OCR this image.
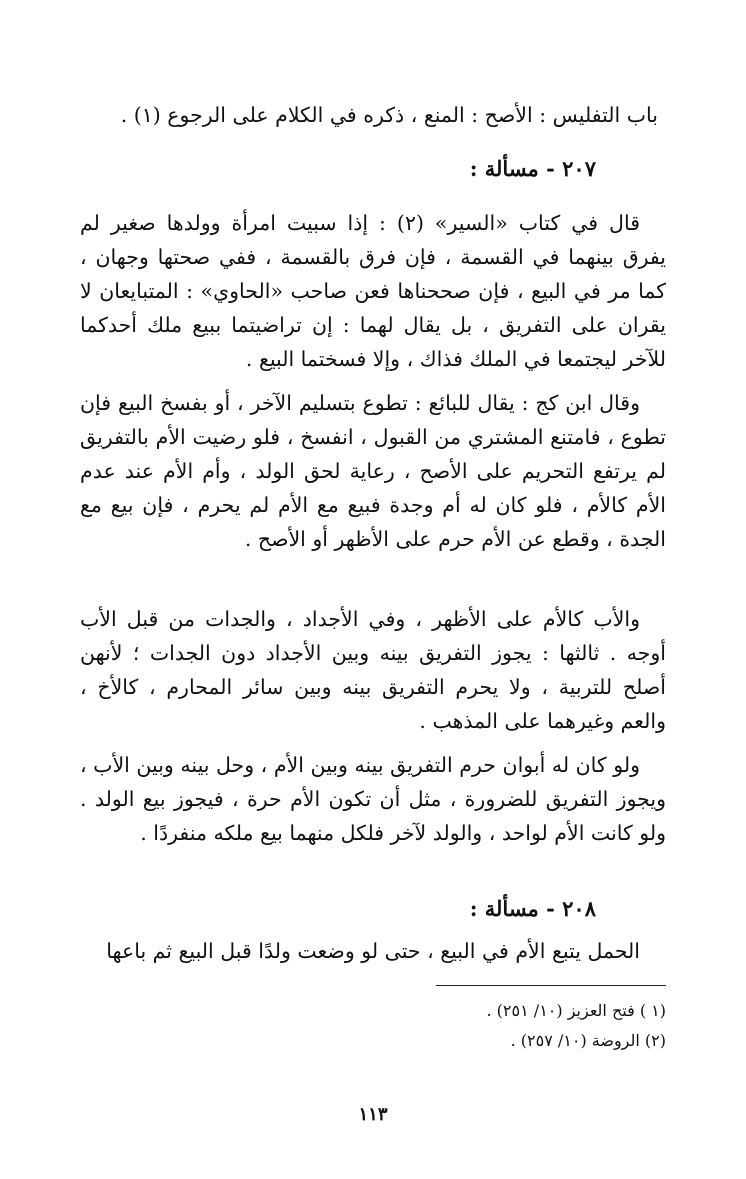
باب التفليس : الأصح : المنع ، ذكره في الكلام على الرجوع (١) .
٢٠٧ - مسألة :
قال في كتاب «السير» (٢) : إذا سبيت امرأة وولدها صغير لم يفرق بينهما في القسمة ، فإن فرق بالقسمة ، ففي صحتها وجهان ، كما مر في البيع ، فإن صححناها فعن صاحب «الحاوي» : المتبايعان لا يقران على التفريق ، بل يقال لهما : إن تراضيتما ببيع ملك أحدكما للآخر ليجتمعا في الملك فذاك ، وإلا فسختما البيع .
وقال ابن كج : يقال للبائع : تطوع بتسليم الآخر ، أو بفسخ البيع فإن تطوع ، فامتنع المشتري من القبول ، انفسخ ، فلو رضيت الأم بالتفريق لم يرتفع التحريم على الأصح ، رعاية لحق الولد ، وأم الأم عند عدم الأم كالأم ، فلو كان له أم وجدة فبيع مع الأم لم يحرم ، فإن بيع مع الجدة ، وقطع عن الأم حرم على الأظهر أو الأصح .
والأب كالأم على الأظهر ، وفي الأجداد ، والجدات من قبل الأب أوجه . ثالثها : يجوز التفريق بينه وبين الأجداد دون الجدات ؛ لأنهن أصلح للتربية ، ولا يحرم التفريق بينه وبين سائر المحارم ، كالأخ ، والعم وغيرهما على المذهب .
ولو كان له أبوان حرم التفريق بينه وبين الأم ، وحل بينه وبين الأب ، ويجوز التفريق للضرورة ، مثل أن تكون الأم حرة ، فيجوز بيع الولد . ولو كانت الأم لواحد ، والولد لآخر فلكل منهما بيع ملكه منفردًا .
٢٠٨ - مسألة :
الحمل يتبع الأم في البيع ، حتى لو وضعت ولدًا قبل البيع ثم باعها
(١ ) فتح العزيز (١٠/ ٢٥١) .
(٢) الروضة (١٠/ ٢٥٧) .
١١٣
